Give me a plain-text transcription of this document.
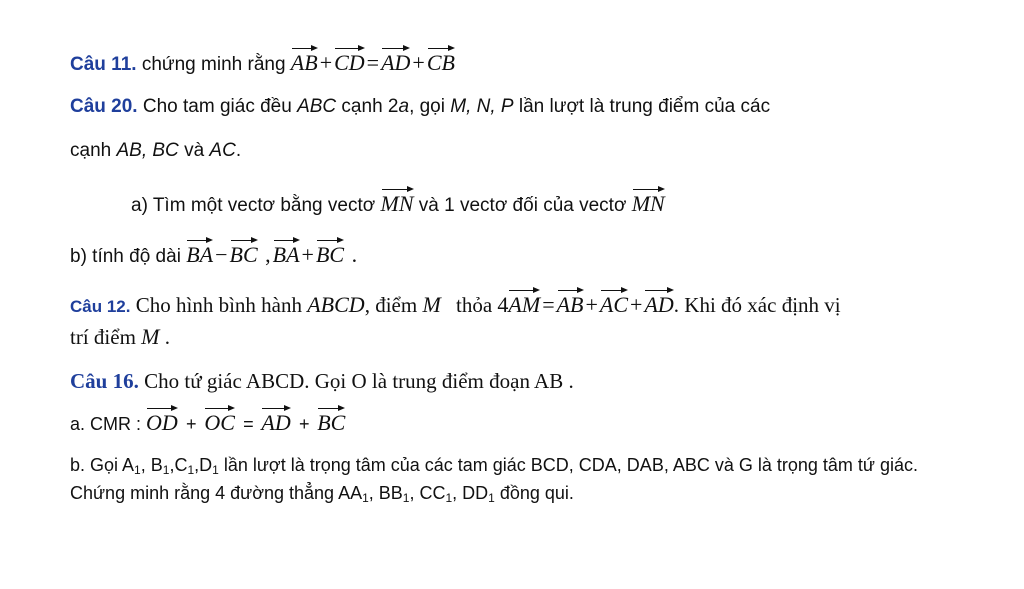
Câu 11. chứng minh rằng AB+CD=AD+CB
Câu 20. Cho tam giác đều ABC cạnh 2a, gọi M, N, P lần lượt là trung điểm của các
cạnh AB, BC và AC.
a) Tìm một vectơ bằng vectơ MN và 1 vectơ đối của vectơ MN
b) tính độ dài BA−BC ,BA+BC .
Câu 12. Cho hình bình hành ABCD, điểm M thỏa 4AM=AB+AC+AD. Khi đó xác định vị
trí điểm M .
Câu 16. Cho tứ giác ABCD. Gọi O là trung điểm đoạn AB .
a. CMR : OD + OC = AD + BC
b. Gọi $A_1$, $B_1,C_1,D_1$ lần lượt là trọng tâm của các tam giác BCD, CDA, DAB, ABC và G là trọng tâm tứ giác.
Chứng minh rằng 4 đường thẳng $AA_1$, $BB_1$, $CC_1$, $DD_1$ đồng qui.
